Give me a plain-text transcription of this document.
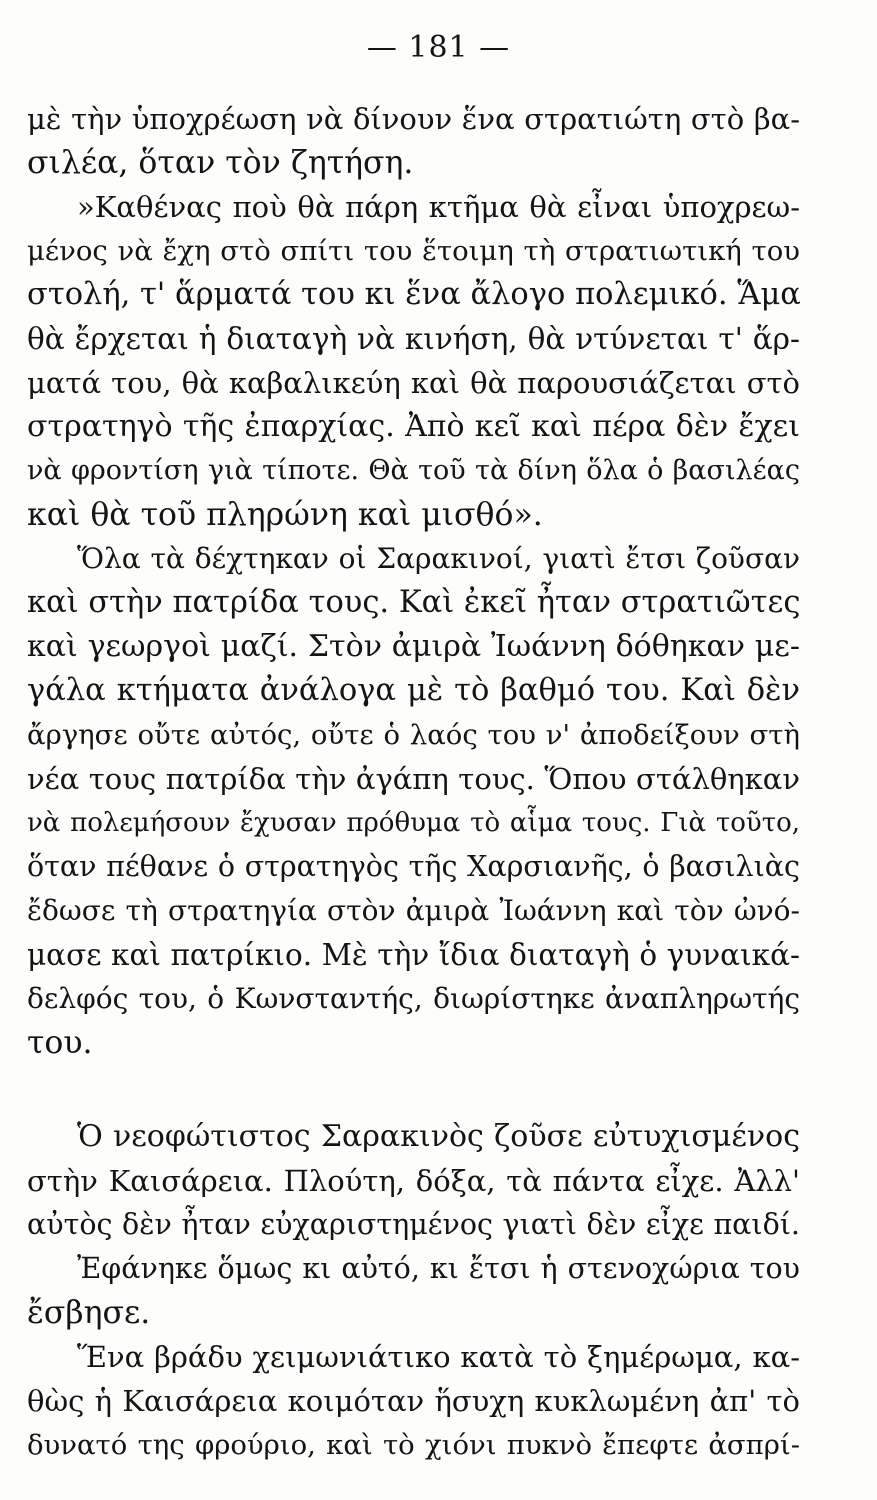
— 181 —
μὲ τὴν ὑποχρέωση νὰ δίνουν ἕνα στρατιώτη στὸ βα-
σιλέα, ὅταν τὸν ζητήση.
»Καθένας ποὺ θὰ πάρη κτῆμα θὰ εἶναι ὑποχρεω-
μένος νὰ ἔχη στὸ σπίτι του ἕτοιμη τὴ στρατιωτική του
στολή, τ' ἅρματά του κι ἕνα ἄλογο πολεμικό. Ἅμα
θὰ ἔρχεται ἡ διαταγὴ νὰ κινήση, θὰ ντύνεται τ' ἅρ-
ματά του, θὰ καβαλικεύη καὶ θὰ παρουσιάζεται στὸ
στρατηγὸ τῆς ἐπαρχίας. Ἀπὸ κεῖ καὶ πέρα δὲν ἔχει
νὰ φροντίση γιὰ τίποτε. Θὰ τοῦ τὰ δίνη ὅλα ὁ βασιλέας
καὶ θὰ τοῦ πληρώνη καὶ μισθό».
Ὅλα τὰ δέχτηκαν οἱ Σαρακινοί, γιατὶ ἔτσι ζοῦσαν
καὶ στὴν πατρίδα τους. Καὶ ἐκεῖ ἦταν στρατιῶτες
καὶ γεωργοὶ μαζί. Στὸν ἀμιρὰ Ἰωάννη δόθηκαν με-
γάλα κτήματα ἀνάλογα μὲ τὸ βαθμό του. Καὶ δὲν
ἄργησε οὔτε αὐτός, οὔτε ὁ λαός του ν' ἀποδείξουν στὴ
νέα τους πατρίδα τὴν ἀγάπη τους. Ὅπου στάλθηκαν
νὰ πολεμήσουν ἔχυσαν πρόθυμα τὸ αἷμα τους. Γιὰ τοῦτο,
ὅταν πέθανε ὁ στρατηγὸς τῆς Χαρσιανῆς, ὁ βασιλιὰς
ἔδωσε τὴ στρατηγία στὸν ἀμιρὰ Ἰωάννη καὶ τὸν ὠνό-
μασε καὶ πατρίκιο. Μὲ τὴν ἴδια διαταγὴ ὁ γυναικά-
δελφός του, ὁ Κωνσταντής, διωρίστηκε ἀναπληρωτής
του.
Ὁ νεοφώτιστος Σαρακινὸς ζοῦσε εὐτυχισμένος
στὴν Καισάρεια. Πλούτη, δόξα, τὰ πάντα εἶχε. Ἀλλ'
αὐτὸς δὲν ἦταν εὐχαριστημένος γιατὶ δὲν εἶχε παιδί.
Ἐφάνηκε ὅμως κι αὐτό, κι ἔτσι ἡ στενοχώρια του
ἔσβησε.
Ἕνα βράδυ χειμωνιάτικο κατὰ τὸ ξημέρωμα, κα-
θὼς ἡ Καισάρεια κοιμόταν ἥσυχη κυκλωμένη ἀπ' τὸ
δυνατό της φρούριο, καὶ τὸ χιόνι πυκνὸ ἔπεφτε ἀσπρί-
